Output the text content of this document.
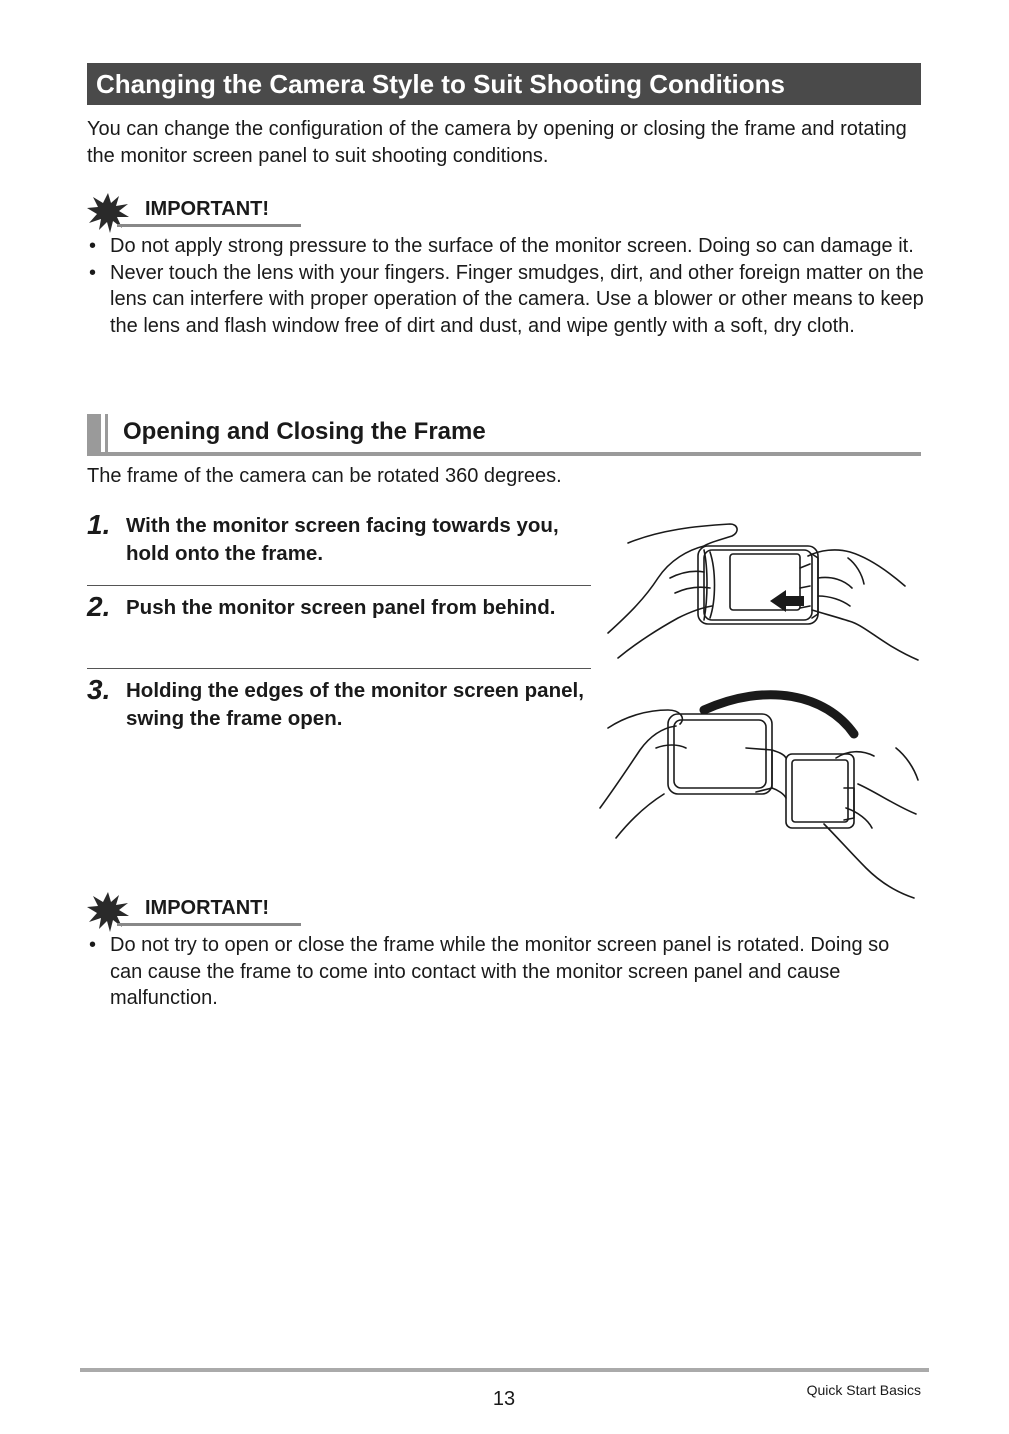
Changing the Camera Style to Suit Shooting Conditions
You can change the configuration of the camera by opening or closing the frame and rotating the monitor screen panel to suit shooting conditions.
IMPORTANT!
• Do not apply strong pressure to the surface of the monitor screen. Doing so can damage it.
• Never touch the lens with your fingers. Finger smudges, dirt, and other foreign matter on the lens can interfere with proper operation of the camera. Use a blower or other means to keep the lens and flash window free of dirt and dust, and wipe gently with a soft, dry cloth.
Opening and Closing the Frame
The frame of the camera can be rotated 360 degrees.
1. With the monitor screen facing towards you, hold onto the frame.
2. Push the monitor screen panel from behind.
3. Holding the edges of the monitor screen panel, swing the frame open.
IMPORTANT!
• Do not try to open or close the frame while the monitor screen panel is rotated. Doing so can cause the frame to come into contact with the monitor screen panel and cause malfunction.
13	Quick Start Basics
